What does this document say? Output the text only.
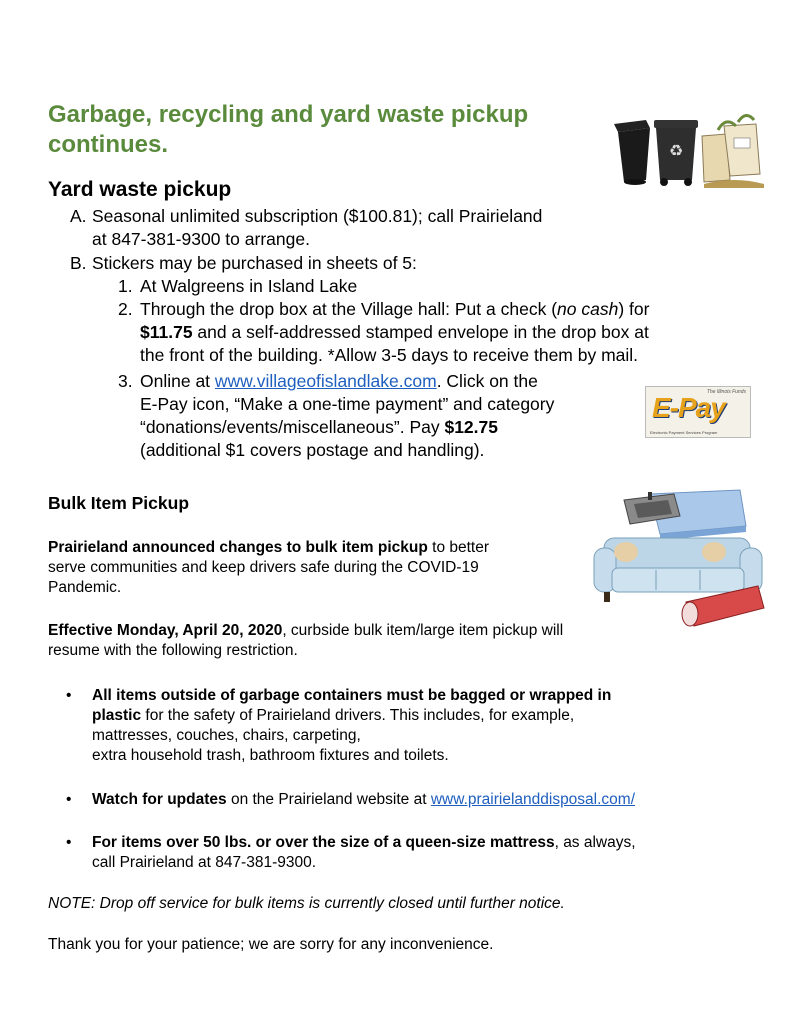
Garbage, recycling and yard waste pickup
continues.	♻
Yard waste pickup
A. Seasonal unlimited subscription ($100.81); call Prairieland
at 847-381-9300 to arrange.
B. Stickers may be purchased in sheets of 5:
1. At Walgreens in Island Lake
2. Through the drop box at the Village hall: Put a check (no cash) for
$11.75 and a self-addressed stamped envelope in the drop box at
the front of the building. *Allow 3-5 days to receive them by mail.
3. Online at www.villageofislandlake.com. Click on the
E-Pay icon, “Make a one-time payment” and category
“donations/events/miscellaneous”. Pay $12.75
(additional $1 covers postage and handling).
The Illinois Funds
E-Pay
Electronic Payment Services Program
Bulk Item Pickup
Prairieland announced changes to bulk item pickup to better
serve communities and keep drivers safe during the COVID-19
Pandemic.
Effective Monday, April 20, 2020, curbside bulk item/large item pickup will
resume with the following restriction.
•	All items outside of garbage containers must be bagged or wrapped in
plastic for the safety of Prairieland drivers. This includes, for example,
mattresses, couches, chairs, carpeting,
extra household trash, bathroom fixtures and toilets.
•	Watch for updates on the Prairieland website at www.prairielanddisposal.com/
•	For items over 50 lbs. or over the size of a queen-size mattress, as always,
call Prairieland at 847-381-9300.
NOTE: Drop off service for bulk items is currently closed until further notice.
Thank you for your patience; we are sorry for any inconvenience.
